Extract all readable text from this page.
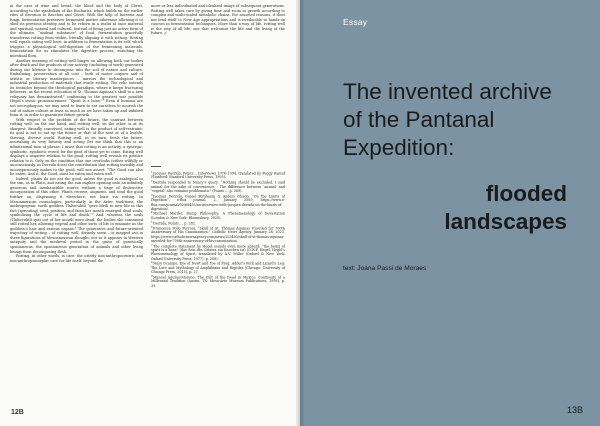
in the case of wine and bread, the blood and the body of Christ, according to the symbolism of the Eucharist, which builds on the earlier rites of devotion to Bacchus and Ceres. With the help of bacteria and fungi, fermentation preserves fermented matter otherwise allowing it to shed its previous identity and to be reborn in a realm at once material and spiritual, natural and cultural. Instead of being just an active form of the ultimate, “undead substance” of food, fermentation gracefully transforms rotting from within, literally aligning it with rotting. Rotting well equals eating well here: in addition to fermentation is its self, which triggers a physiological self-digestion of the fermenting materials, fermentation for us stimulates the digestive process, enriching the intestinal flora.

Another meaning of rotting well hinges on allowing both our bodies after death and the products of our activity (including of work) generated during our lifetime to decompose into the soil of nature and culture. Embalming, preservation at all cost – both of motor corpses and of artistic or literary masterpieces – mirrors the technological and industrial production of materials that evade rotting. The relic extends its tentacles beyond the theological paradigm, where it keeps fracturing believers, as the recent relocation of St. Thomas Aquinas’s skull to a new reliquary has demonstrated,³ confirming to the greatest war possible Hegel’s ironic pronouncement: “Spirit is a bone.”⁴ Even if humans are not necrophagous, we may need to learn to eat ourselves to nourish the soil of nature-culture at least as much as we have taken up and imbibed from it, in order to guarantee future growth.

With respect to the problem of the future, the contrast between rotting well, on the one hand, and rotting well, on the other, is at its sharpest. Broadly conceived, eating well is the product of self-restraint: its goal is not to eat up the future or that of the next or of a livable, thriving, diverse world. Rotting well, in its turn, feeds the future, nourishing its very futurity and acting (let me think that this is an infinitesimal turn of phrase, I insist that rotting is an activity, a synergic, symbiotic, symbiotic event) for the good of those yet to come. Eating well displays a negative relation to the good; rotting well reveals its positive relation to it. Only on the condition that one overlooks (either wilfully or unconsciously, as Derrida does) the contribution that rotting invisibly and inconspicuously makes to the good, will one assert: “The Good can also be eaten. And it, the Good, must be eaten and eaten well.”

Indeed, plants do not eat the good, unless the good is analogical to the sun, as in Plato, and eating the sun implies opening onto an infinitely generous and inexhaustible source without a tinge of destructive incorporation of this other. Plants receive, augment, and tend the good further on, dispensing it elsewhere, not least via rotting. In Mesoamerican cosmologies, particularly in the Aztec traditions, the anthropogenic earth goddess Tlaltecuhtli “gave birth to new life in this fact (sprouting) seed, position, and from her mouth emerged dead souls, symbolizing the cycle of life and death.”⁵ And, whereas the souls (Tlaltecuhtli spat out of her mouth were dead, the bodies she consumed still rotted her, allowing vegetal and other sorts of life to emanate as the goddess’s hair and various organs.⁶ The generative and future-oriented trajectory of rotting – of rotting well, divinely sown – is mapped out in these figurations of Mesoamerican thought, not so it appears in Western antiquity and the medieval period in the guise of genetically spontaneous, the spontaneous generation of animals and other living beings from decomposing flesh.

Rotting, in other words, is care: the utterly non-anthropocentric and non-anthropomorphic care for life itself, beyond the

more or less individuated and idealized image of subsequent generations. Rotting well takes care by giving time and room to growth according to complex and multi-scaled metabolic chains. For assorted reasons, it does not lend itself to New Age appropriations and is irreducible to hands-on courses in fermentation techniques. More than a way of life, rotting well is the way of all life, one that welcomes the life and the living of the future. //

$^1$Jacques Derrida, Points… Interviews 1974–1994, translated by Peggy Kamuf (Stanford: Stanford University Press, 1995).
$^2$Derrida responded to Nancy’s query: “Nothing should be excluded, I said animal for the sake of convenience… The difference between ‘animal’ and ‘vegetal’ also remains problematic” (Points…, p. 269).
$^3$Jacques Derrida, Daniel Birnbaum & Anders Olsson, “On the Limits of Digestion”, e-flux journal, 2, January 2009, https://www.e-flux.com/journal/02/68495/an-interview-with-jacques-derrida-on-the-limits-of-digestion/.
$^4$Michael Marder, Dump Philosophy: A Phenomenology of Devastation (London & New York: Bloomsbury, 2020).
$^5$Derrida, Points…, p. 282.
$^6$Francesca Pollo Ferroni, “Skull of St. Thomas Aquinas Unveiled for 700th Anniversary of His Canonization,” Catholic News Agency, January 28, 2023, https://www.catholicnewsagency.com/news/253483/skull-of-st-thomas-aquinas-unveiled-for-700th-anniversary-of-his-canonization.
$^7$The complete statement by Hegel sounds even more absurd: “the being of spirit is a bone” (das Sein des Geistes ein Knochen ist) (G.W.F. Hegel, Hegel’s Phenomenology of Spirit, translated by A.V. Miller (Oxford & New York: Oxford University Press, 1977), p. 208).
$^8$Mary Ocampo, Eye of Newt and Toe of Frog, Adder’s Fork and Lizard’s Leg: The Lore and Mythology of Amphibians and Reptiles (Chicago: University of Chicago Press, 2015), p. 27.
$^9$Manuel Aguilar-Moreno, The Cult of the Dead in Mexico: Continuity of a Millennial Tradition (Austin, TX: Mesa-Arte Museum Publications, 1998), p. 39.
12B
Essay
The invented archive
of the Pantanal
Expedition:
flooded
landscapes
text: Joana Passi de Moraes
13B
